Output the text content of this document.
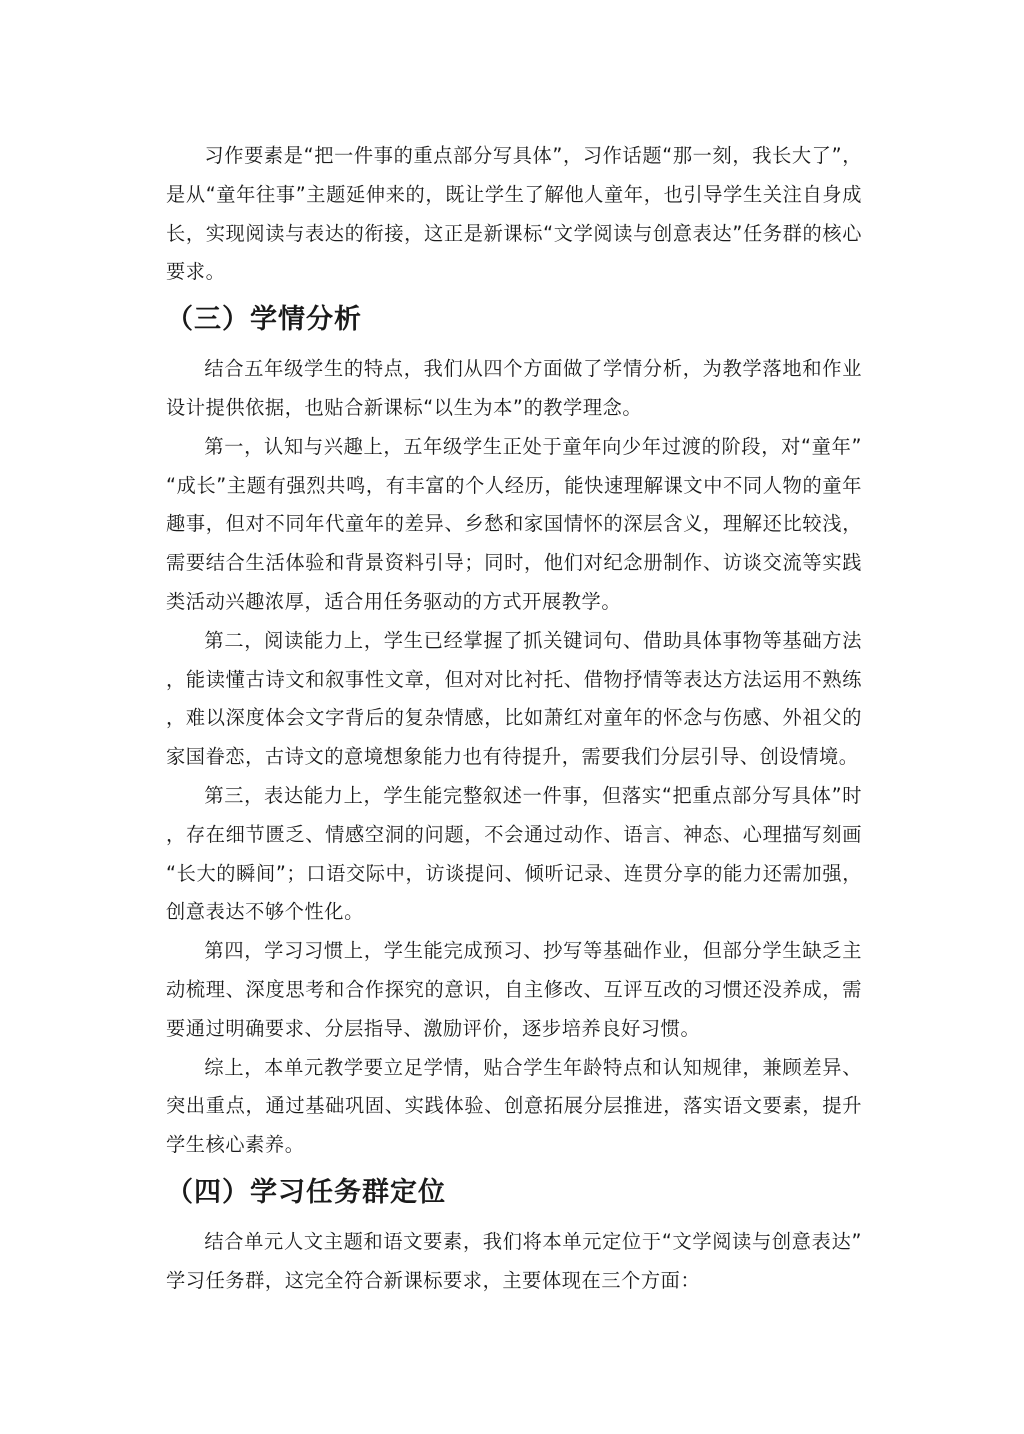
习作要素是“把一件事的重点部分写具体”，习作话题“那一刻，我长大了”，是从“童年往事”主题延伸来的，既让学生了解他人童年，也引导学生关注自身成长，实现阅读与表达的衔接，这正是新课标“文学阅读与创意表达”任务群的核心要求。

（三）学情分析

结合五年级学生的特点，我们从四个方面做了学情分析，为教学落地和作业设计提供依据，也贴合新课标“以生为本”的教学理念。

第一，认知与兴趣上，五年级学生正处于童年向少年过渡的阶段，对“童年”“成长”主题有强烈共鸣，有丰富的个人经历，能快速理解课文中不同人物的童年趣事，但对不同年代童年的差异、乡愁和家国情怀的深层含义，理解还比较浅，需要结合生活体验和背景资料引导；同时，他们对纪念册制作、访谈交流等实践类活动兴趣浓厚，适合用任务驱动的方式开展教学。

第二，阅读能力上，学生已经掌握了抓关键词句、借助具体事物等基础方法，能读懂古诗文和叙事性文章，但对对比衬托、借物抒情等表达方法运用不熟练，难以深度体会文字背后的复杂情感，比如萧红对童年的怀念与伤感、外祖父的家国眷恋，古诗文的意境想象能力也有待提升，需要我们分层引导、创设情境。

第三，表达能力上，学生能完整叙述一件事，但落实“把重点部分写具体”时，存在细节匮乏、情感空洞的问题，不会通过动作、语言、神态、心理描写刻画“长大的瞬间”；口语交际中，访谈提问、倾听记录、连贯分享的能力还需加强，创意表达不够个性化。

第四，学习习惯上，学生能完成预习、抄写等基础作业，但部分学生缺乏主动梳理、深度思考和合作探究的意识，自主修改、互评互改的习惯还没养成，需要通过明确要求、分层指导、激励评价，逐步培养良好习惯。

综上，本单元教学要立足学情，贴合学生年龄特点和认知规律，兼顾差异、突出重点，通过基础巩固、实践体验、创意拓展分层推进，落实语文要素，提升学生核心素养。

（四）学习任务群定位

结合单元人文主题和语文要素，我们将本单元定位于“文学阅读与创意表达”学习任务群，这完全符合新课标要求，主要体现在三个方面：
